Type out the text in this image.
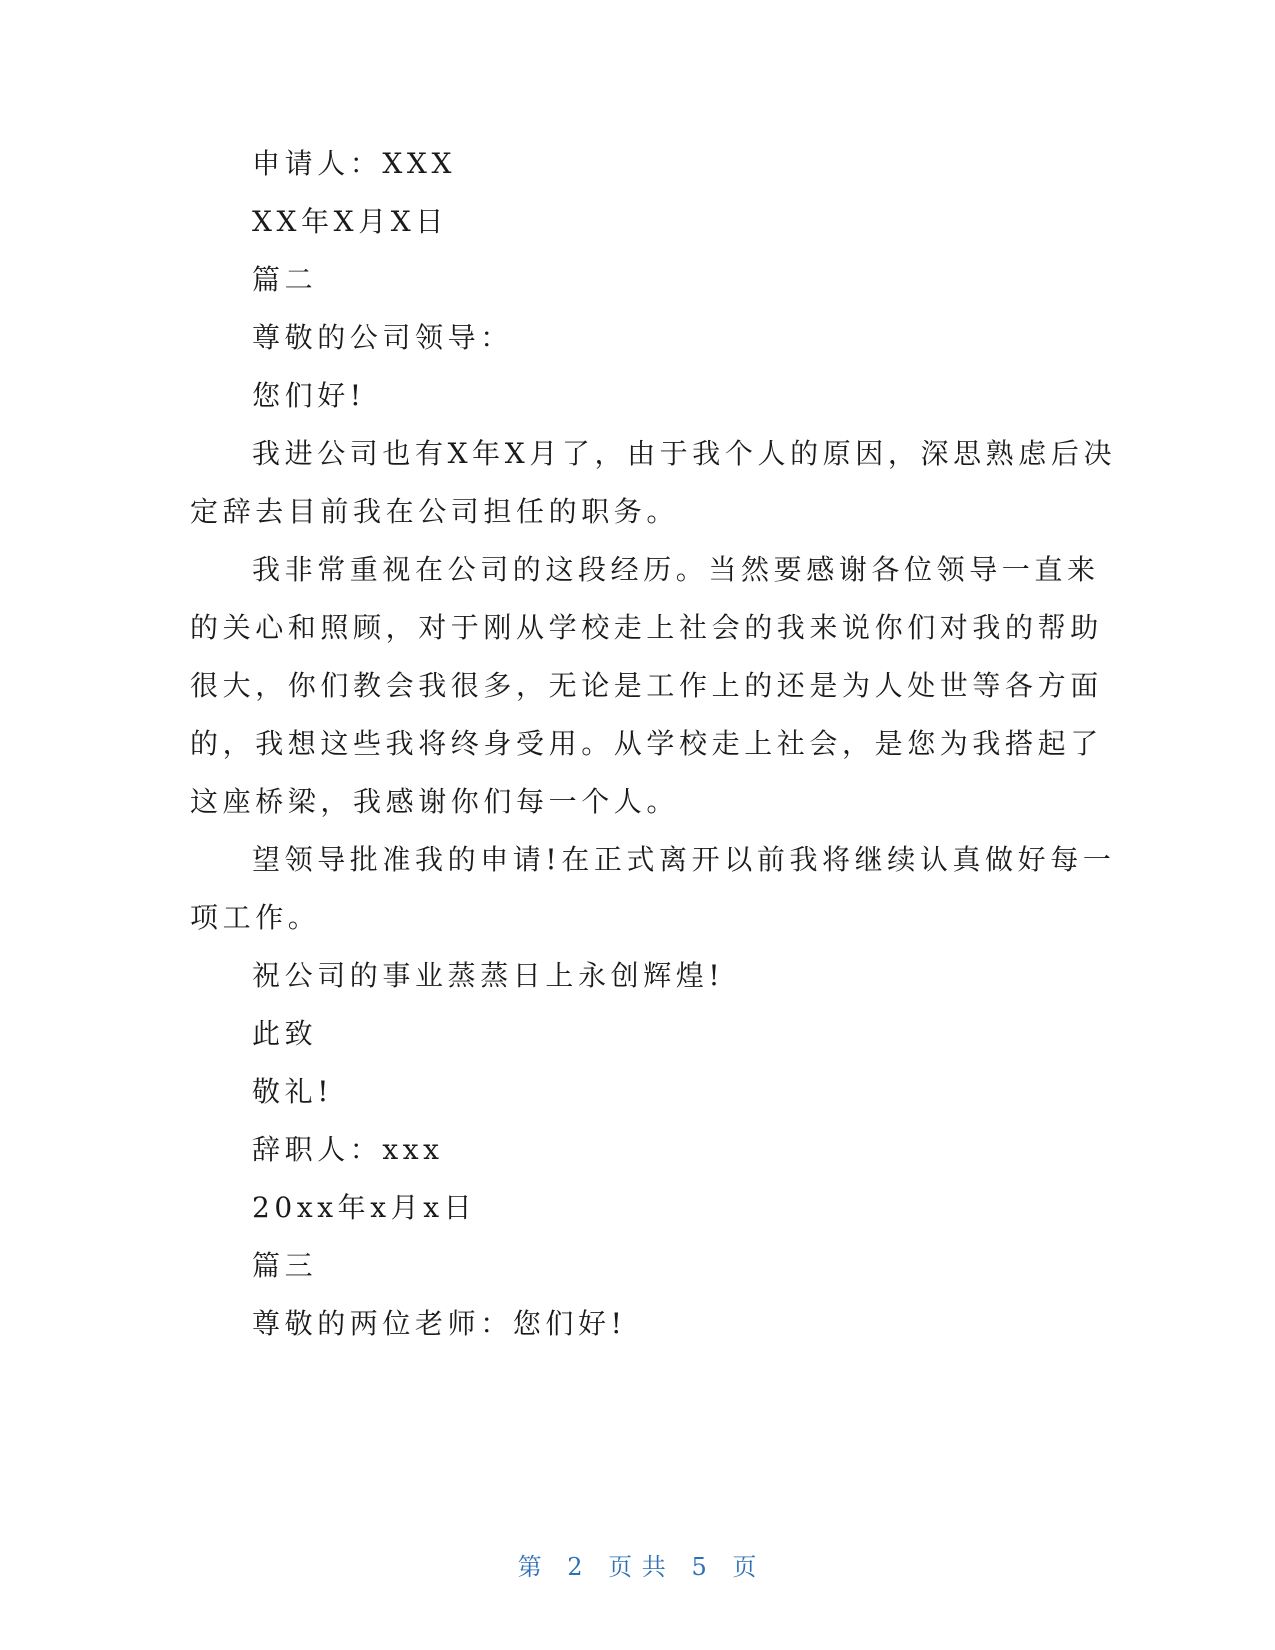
申请人：XXX
XX年X月X日
篇二
尊敬的公司领导：
您们好!
我进公司也有X年X月了，由于我个人的原因，深思熟虑后决
定辞去目前我在公司担任的职务。
我非常重视在公司的这段经历。当然要感谢各位领导一直来
的关心和照顾，对于刚从学校走上社会的我来说你们对我的帮助
很大，你们教会我很多，无论是工作上的还是为人处世等各方面
的，我想这些我将终身受用。从学校走上社会，是您为我搭起了
这座桥梁，我感谢你们每一个人。
望领导批准我的申请!在正式离开以前我将继续认真做好每一
项工作。
祝公司的事业蒸蒸日上永创辉煌!
此致
敬礼!
辞职人：xxx
20xx年x月x日
篇三
尊敬的两位老师：您们好!
第 2 页 共 5 页
